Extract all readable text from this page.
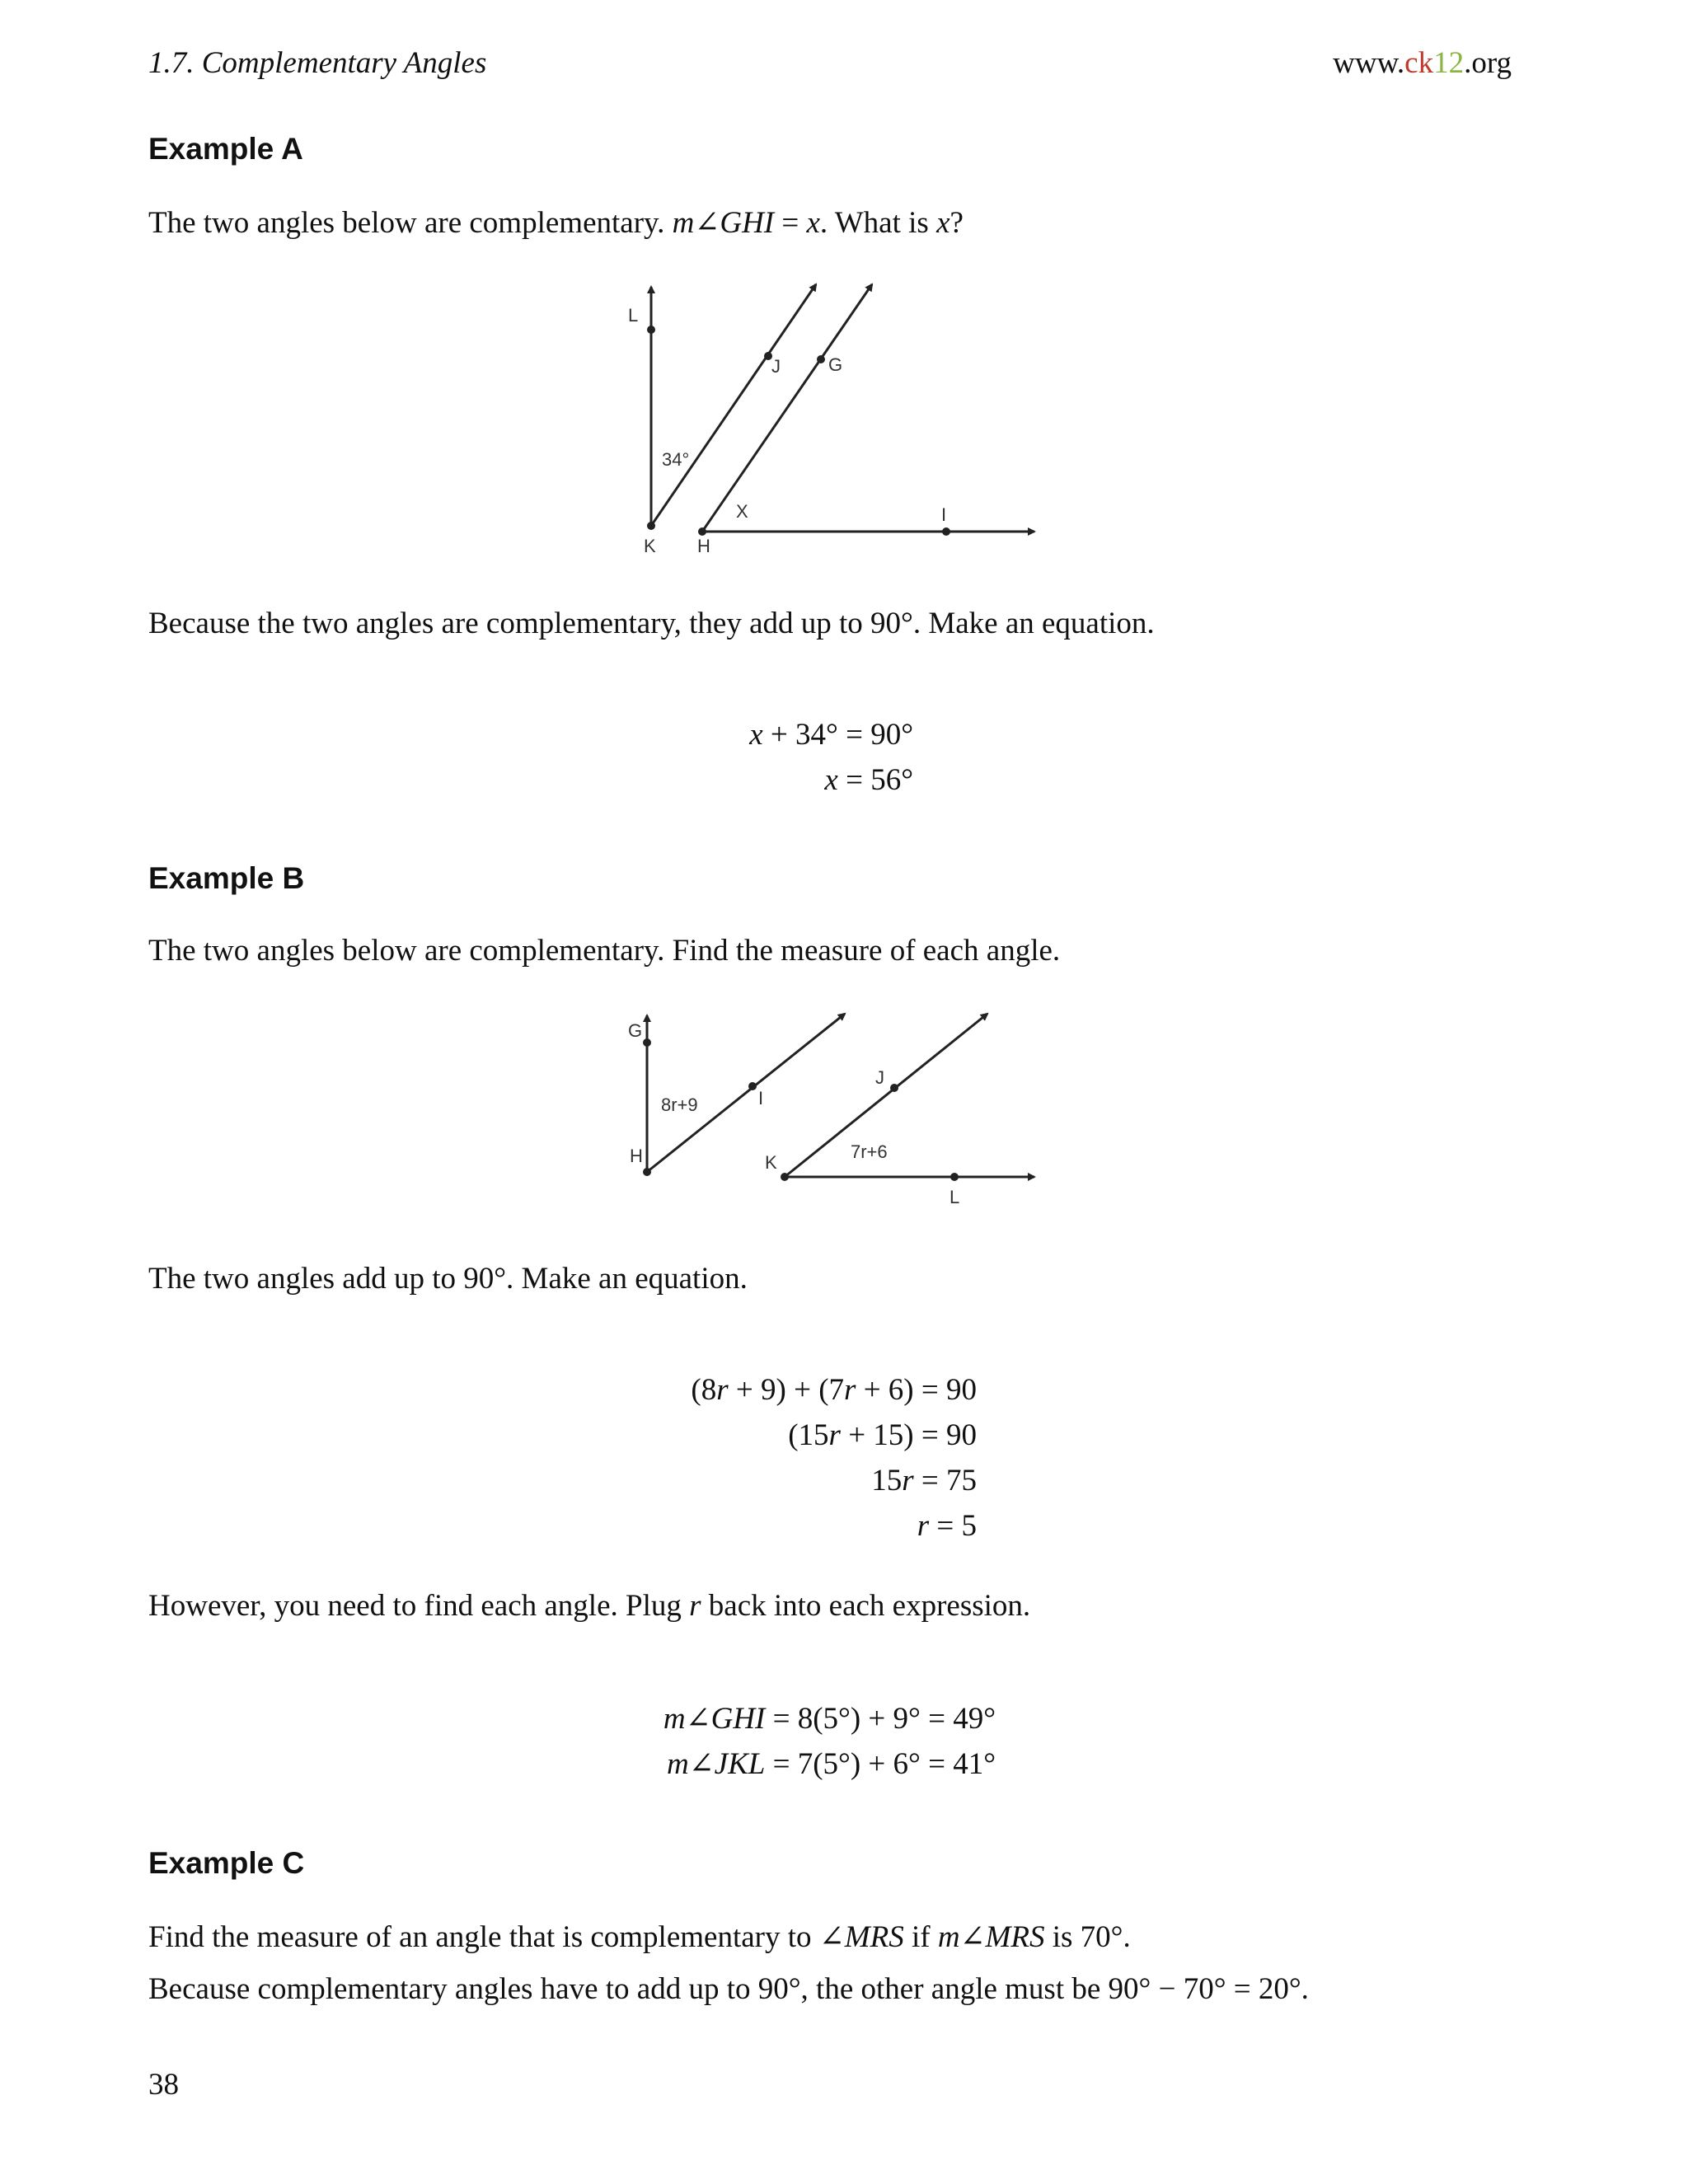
1.7. Complementary Angles	www.ck12.org
Example A
The two angles below are complementary. m∠GHI = x. What is x?
L
J	G
34°
X	I
K H
G
I
H
8r+9
J
K
7r+6
L
Because the two angles are complementary, they add up to 90°. Make an equation.
x + 34° = 90°
x = 56°
Example B
The two angles below are complementary. Find the measure of each angle.
The two angles add up to 90°. Make an equation.
(8r + 9) + (7r + 6) = 90
(15r + 15) = 90
15r = 75
r = 5
However, you need to find each angle. Plug r back into each expression.
m∠GHI = 8(5°) + 9° = 49°
m∠JKL = 7(5°) + 6° = 41°
Example C
Find the measure of an angle that is complementary to ∠MRS if m∠MRS is 70°.
Because complementary angles have to add up to 90°, the other angle must be 90° − 70° = 20°.
38
